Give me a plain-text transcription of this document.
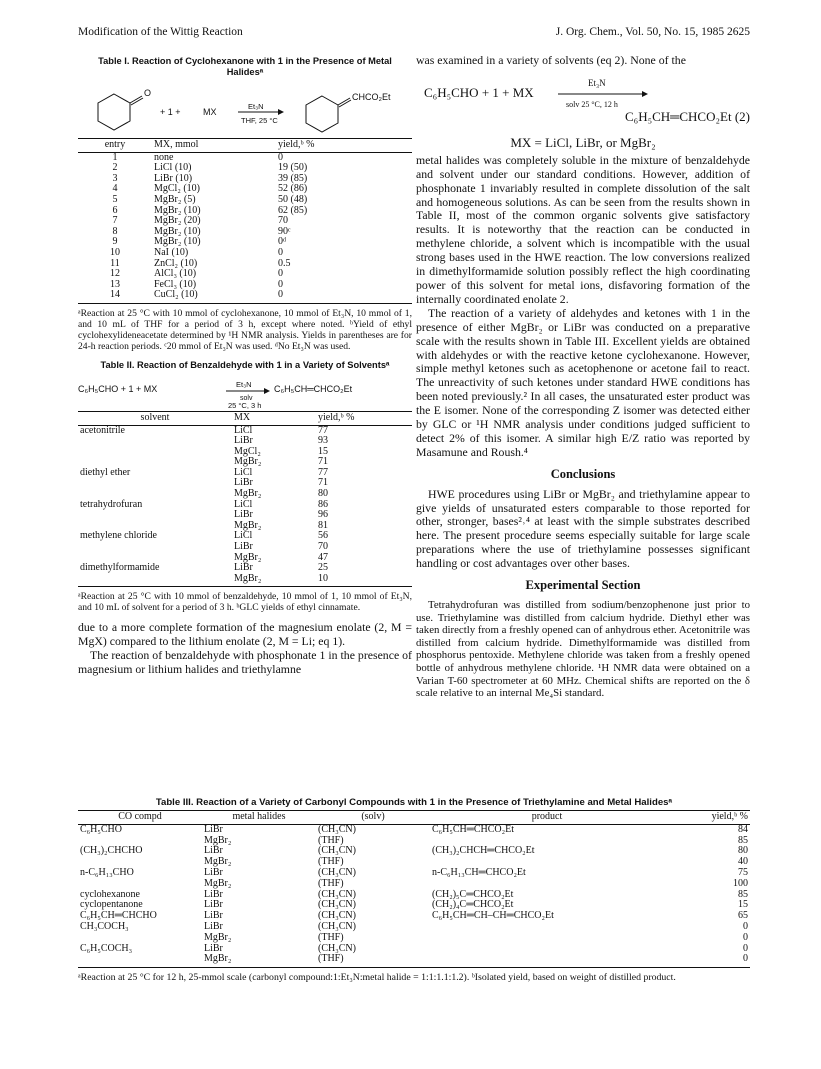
Modification of the Wittig Reaction	J. Org. Chem., Vol. 50, No. 15, 1985 2625
Table I. Reaction of Cyclohexanone with 1 in the Presence of Metal Halidesᵃ
O
+ 1 + MX
Et₃N
THF, 25 °C
CHCO₂Et
entry	MX, mmol	yield,ᵇ %
1	none	0
2	LiCl (10)	19 (50)
3	LiBr (10)	39 (85)
4	MgCl₂ (10)	52 (86)
5	MgBr₂ (5)	50 (48)
6	MgBr₂ (10)	62 (85)
7	MgBr₂ (20)	70
8	MgBr₂ (10)	90ᶜ
9	MgBr₂ (10)	0ᵈ
10	NaI (10)	0
11	ZnCl₂ (10)	0.5
12	AlCl₃ (10)	0
13	FeCl₃ (10)	0
14	CuCl₂ (10)	0
ᵃReaction at 25 °C with 10 mmol of cyclohexanone, 10 mmol of Et₃N, 10 mmol of 1, and 10 mL of THF for a period of 3 h, except where noted. ᵇYield of ethyl cyclohexylideneacetate determined by ¹H NMR analysis. Yields in parentheses are for 24-h reaction periods. ᶜ20 mmol of Et₃N was used. ᵈNo Et₃N was used.
Table II. Reaction of Benzaldehyde with 1 in a Variety of Solventsᵃ
C₆H₅CHO + 1 + MX	Et₃N
solv
25 °C, 3 h
C₆H₅CH═CHCO₂Et
solvent	MX	yield,ᵇ %
acetonitrile	LiCl	77
	LiBr	93
	MgCl₂	15
	MgBr₂	71
diethyl ether	LiCl	77
	LiBr	71
	MgBr₂	80
tetrahydrofuran	LiCl	86
	LiBr	96
	MgBr₂	81
methylene chloride	LiCl	56
	LiBr	70
	MgBr₂	47
dimethylformamide	LiBr	25
	MgBr₂	10
ᵃReaction at 25 °C with 10 mmol of benzaldehyde, 10 mmol of 1, 10 mmol of Et₃N, and 10 mL of solvent for a period of 3 h. ᵇGLC yields of ethyl cinnamate.

due to a more complete formation of the magnesium enolate (2, M = MgX) compared to the lithium enolate (2, M = Li; eq 1).

The reaction of benzaldehyde with phosphonate 1 in the presence of magnesium or lithium halides and triethylamne

was examined in a variety of solvents (eq 2). None of the

C₆H₅CHO + 1 + MX
Et₃N
solv 25 °C, 12 h
C₆H₅CH═CHCO₂Et (2)
MX = LiCl, LiBr, or MgBr₂

metal halides was completely soluble in the mixture of benzaldehyde and solvent under our standard conditions. However, addition of phosphonate 1 invariably resulted in complete dissolution of the salt and homogeneous solutions. As can be seen from the results shown in Table II, most of the common organic solvents give satisfactory results. It is noteworthy that the reaction can be conducted in methylene chloride, a solvent which is incompatible with the usual strong bases used in the HWE reaction. The low conversions realized in dimethylformamide solution possibly reflect the high coordinating power of this solvent for metal ions, disfavoring formation of the internally coordinated enolate 2.

The reaction of a variety of aldehydes and ketones with 1 in the presence of either MgBr₂ or LiBr was conducted on a preparative scale with the results shown in Table III. Excellent yields are obtained with aldehydes or with the reactive ketone cyclohexanone. However, simple methyl ketones such as acetophenone or acetone fail to react. The unreactivity of such ketones under standard HWE conditions has been noted previously.² In all cases, the unsaturated ester product was the E isomer. None of the corresponding Z isomer was detected either by GLC or ¹H NMR analysis under conditions judged sufficient to detect 2% of this isomer. A similar high E/Z ratio was reported by Masamune and Roush.⁴

Conclusions

HWE procedures using LiBr or MgBr₂ and triethylamine appear to give yields of unsaturated esters comparable to those reported for other, stronger, bases²˒⁴ at least with the simple substrates described here. The present procedure seems especially suitable for large scale preparations where the use of triethylamine possesses significant handling or cost advantages over other bases.

Experimental Section

Tetrahydrofuran was distilled from sodium/benzophenone just prior to use. Triethylamine was distilled from calcium hydride. Diethyl ether was taken directly from a freshly opened can of anhydrous ether. Acetonitrile was distilled from calcium hydride. Dimethylformamide was distilled from phosphorus pentoxide. Methylene chloride was taken from a freshly opened bottle of anhydrous methylene chloride. ¹H NMR data were obtained on a Varian T-60 spectrometer at 60 MHz. Chemical shifts are reported on the δ scale relative to an internal Me₄Si standard.

Table III. Reaction of a Variety of Carbonyl Compounds with 1 in the Presence of Triethylamine and Metal Halidesᵃ
CO compd	metal halides	(solv)	product	yield,ᵇ %
C₆H₅CHO	LiBr	(CH₃CN)	C₆H₅CH═CHCO₂Et	84
	MgBr₂	(THF)		85
(CH₃)₂CHCHO	LiBr	(CH₃CN)	(CH₃)₂CHCH═CHCO₂Et	80
	MgBr₂	(THF)		40
n-C₆H₁₃CHO	LiBr	(CH₃CN)	n-C₆H₁₃CH═CHCO₂Et	75
	MgBr₂	(THF)		100
cyclohexanone	LiBr	(CH₃CN)	(CH₂)₅C═CHCO₂Et	85
cyclopentanone	LiBr	(CH₃CN)	(CH₂)₄C═CHCO₂Et	15
C₆H₅CH═CHCHO	LiBr	(CH₃CN)	C₆H₅CH═CH–CH═CHCO₂Et	65
CH₃COCH₃	LiBr	(CH₃CN)		0
	MgBr₂	(THF)		0
C₆H₅COCH₃	LiBr	(CH₃CN)		0
	MgBr₂	(THF)		0
ᵃReaction at 25 °C for 12 h, 25-mmol scale (carbonyl compound:1:Et₃N:metal halide = 1:1:1.1:1.2). ᵇIsolated yield, based on weight of distilled product.
